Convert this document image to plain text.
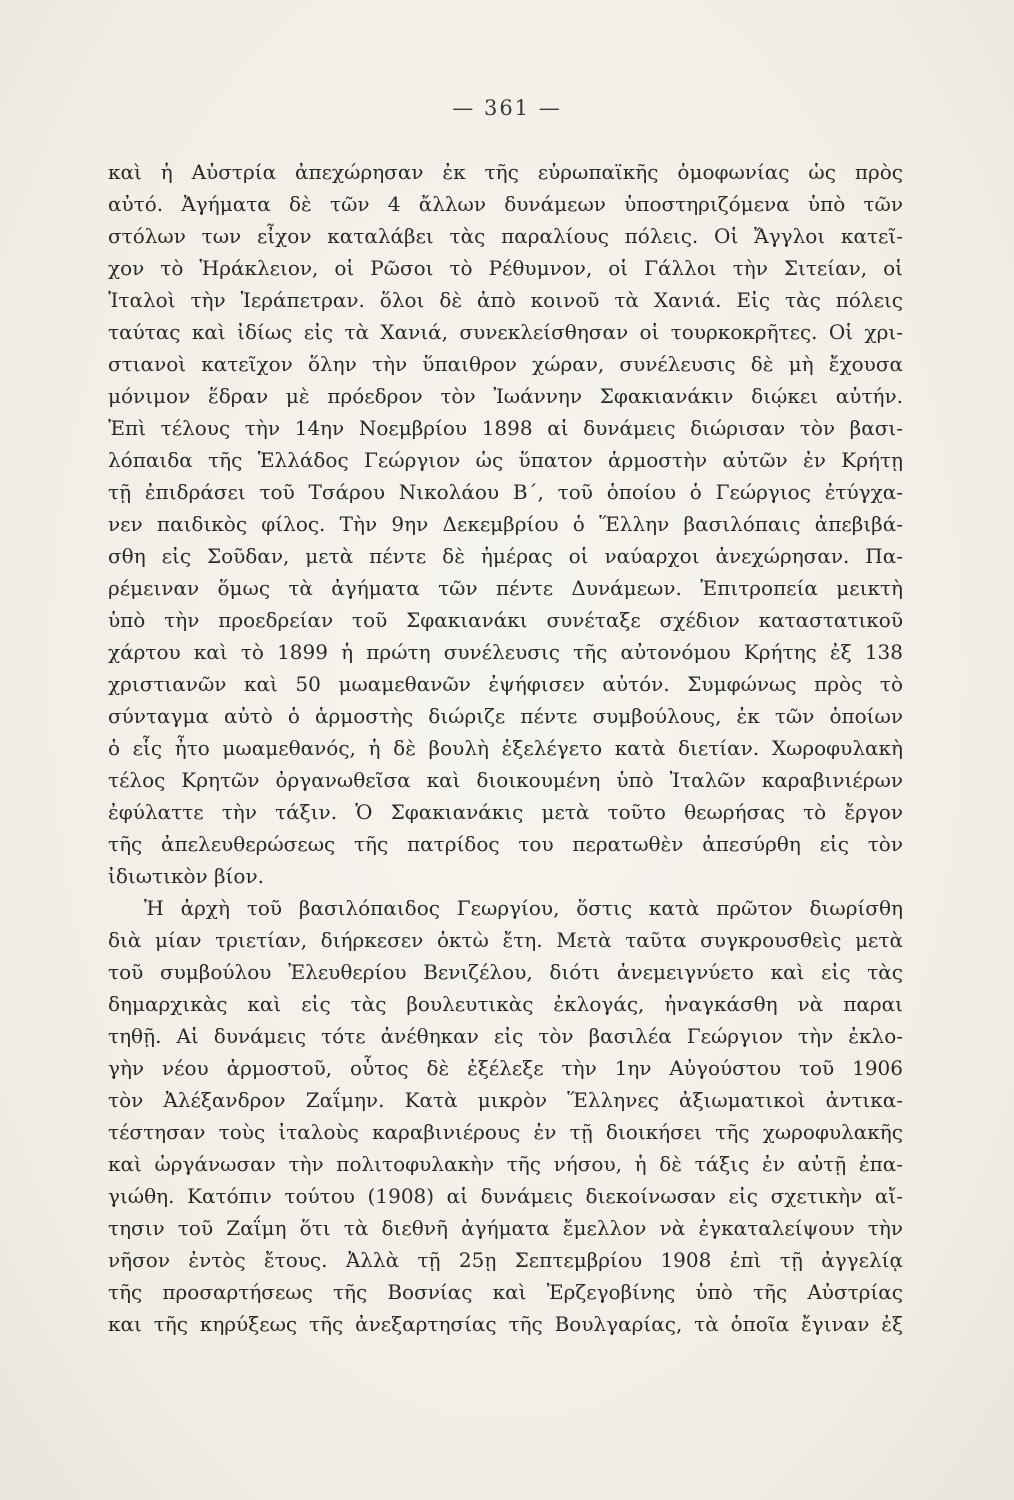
— 361 —
καὶ ἡ Αὐστρία ἀπεχώρησαν ἐκ τῆς εὐρωπαϊκῆς ὁμοφωνίας ὡς πρὸς
αὐτό. Ἀγήματα δὲ τῶν 4 ἄλλων δυνάμεων ὑποστηριζόμενα ὑπὸ τῶν
στόλων των εἶχον καταλάβει τὰς παραλίους πόλεις. Οἱ Ἄγγλοι κατεῖ-
χον τὸ Ἡράκλειον, οἱ Ρῶσοι τὸ Ρέθυμνον, οἱ Γάλλοι τὴν Σιτείαν, οἱ
Ἰταλοὶ τὴν Ἱεράπετραν. ὅλοι δὲ ἀπὸ κοινοῦ τὰ Χανιά. Εἰς τὰς πόλεις
ταύτας καὶ ἰδίως εἰς τὰ Χανιά, συνεκλείσθησαν οἱ τουρκοκρῆτες. Οἱ χρι-
στιανοὶ κατεῖχον ὅλην τὴν ὕπαιθρον χώραν, συνέλευσις δὲ μὴ ἔχουσα
μόνιμον ἕδραν μὲ πρόεδρον τὸν Ἰωάννην Σφακιανάκιν διῴκει αὐτήν.
Ἐπὶ τέλους τὴν 14ην Νοεμβρίου 1898 αἱ δυνάμεις διώρισαν τὸν βασι-
λόπαιδα τῆς Ἑλλάδος Γεώργιον ὡς ὕπατον ἁρμοστὴν αὐτῶν ἐν Κρήτῃ
τῇ ἐπιδράσει τοῦ Τσάρου Νικολάου Β΄, τοῦ ὁποίου ὁ Γεώργιος ἐτύγχα-
νεν παιδικὸς φίλος. Τὴν 9ην Δεκεμβρίου ὁ Ἕλλην βασιλόπαις ἀπεβιβά-
σθη εἰς Σοῦδαν, μετὰ πέντε δὲ ἡμέρας οἱ ναύαρχοι ἀνεχώρησαν. Πα-
ρέμειναν ὅμως τὰ ἀγήματα τῶν πέντε Δυνάμεων. Ἐπιτροπεία μεικτὴ
ὑπὸ τὴν προεδρείαν τοῦ Σφακιανάκι συνέταξε σχέδιον καταστατικοῦ
χάρτου καὶ τὸ 1899 ἡ πρώτη συνέλευσις τῆς αὐτονόμου Κρήτης ἐξ 138
χριστιανῶν καὶ 50 μωαμεθανῶν ἐψήφισεν αὐτόν. Συμφώνως πρὸς τὸ
σύνταγμα αὐτὸ ὁ ἁρμοστὴς διώριζε πέντε συμβούλους, ἐκ τῶν ὁποίων
ὁ εἷς ἦτο μωαμεθανός, ἡ δὲ βουλὴ ἐξελέγετο κατὰ διετίαν. Χωροφυλακὴ
τέλος Κρητῶν ὀργανωθεῖσα καὶ διοικουμένη ὑπὸ Ἰταλῶν καραβινιέρων
ἐφύλαττε τὴν τάξιν. Ὁ Σφακιανάκις μετὰ τοῦτο θεωρήσας τὸ ἔργον
τῆς ἀπελευθερώσεως τῆς πατρίδος του περατωθὲν ἀπεσύρθη εἰς τὸν
ἰδιωτικὸν βίον.
Ἡ ἀρχὴ τοῦ βασιλόπαιδος Γεωργίου, ὅστις κατὰ πρῶτον διωρίσθη
διὰ μίαν τριετίαν, διήρκεσεν ὀκτὼ ἔτη. Μετὰ ταῦτα συγκρουσθεὶς μετὰ
τοῦ συμβούλου Ἐλευθερίου Βενιζέλου, διότι ἀνεμειγνύετο καὶ εἰς τὰς
δημαρχικὰς καὶ εἰς τὰς βουλευτικὰς ἐκλογάς, ἠναγκάσθη νὰ παραι
τηθῇ. Αἱ δυνάμεις τότε ἀνέθηκαν εἰς τὸν βασιλέα Γεώργιον τὴν ἐκλο-
γὴν νέου ἁρμοστοῦ, οὗτος δὲ ἐξέλεξε τὴν 1ην Αὐγούστου τοῦ 1906
τὸν Ἀλέξανδρον Ζαΐμην. Κατὰ μικρὸν Ἕλληνες ἀξιωματικοὶ ἀντικα-
τέστησαν τοὺς ἰταλοὺς καραβινιέρους ἐν τῇ διοικήσει τῆς χωροφυλακῆς
καὶ ὠργάνωσαν τὴν πολιτοφυλακὴν τῆς νήσου, ἡ δὲ τάξις ἐν αὐτῇ ἐπα-
γιώθη. Κατόπιν τούτου (1908) αἱ δυνάμεις διεκοίνωσαν εἰς σχετικὴν αἴ-
τησιν τοῦ Ζαΐμη ὅτι τὰ διεθνῆ ἀγήματα ἔμελλον νὰ ἐγκαταλείψουν τὴν
νῆσον ἐντὸς ἔτους. Ἀλλὰ τῇ 25ῃ Σεπτεμβρίου 1908 ἐπὶ τῇ ἀγγελίᾳ
τῆς προσαρτήσεως τῆς Βοσνίας καὶ Ἐρζεγοβίνης ὑπὸ τῆς Αὐστρίας
και τῆς κηρύξεως τῆς ἀνεξαρτησίας τῆς Βουλγαρίας, τὰ ὁποῖα ἔγιναν ἐξ
